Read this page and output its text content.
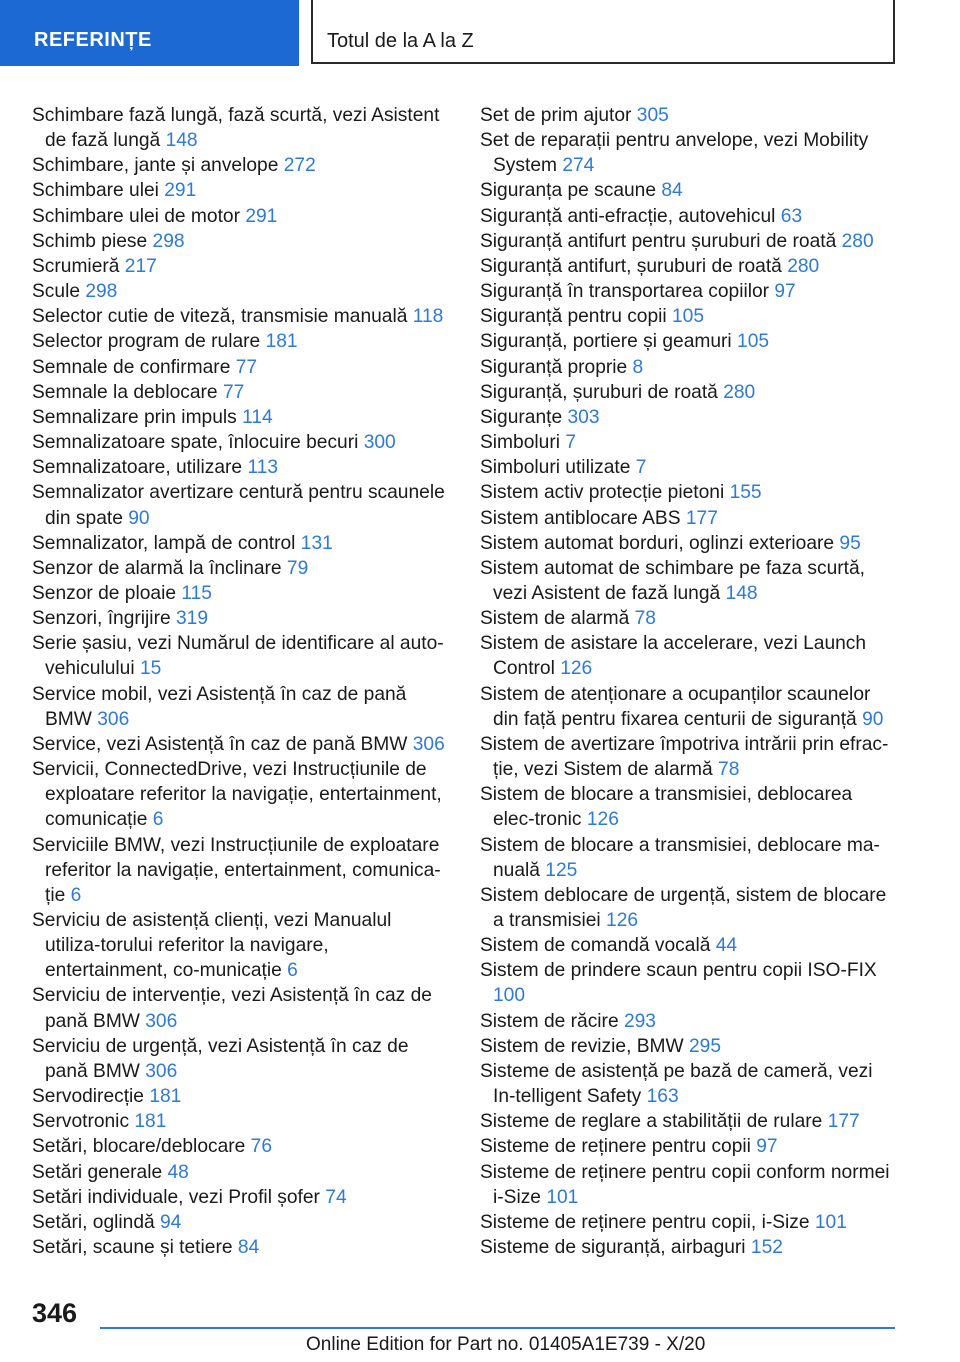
REFERINȚE	Totul de la A la Z
Schimbare fază lungă, fază scurtă, vezi Asistent de fază lungă 148
Schimbare, jante și anvelope 272
Schimbare ulei 291
Schimbare ulei de motor 291
Schimb piese 298
Scrumieră 217
Scule 298
Selector cutie de viteză, transmisie manuală 118
Selector program de rulare 181
Semnale de confirmare 77
Semnale la deblocare 77
Semnalizare prin impuls 114
Semnalizatoare spate, înlocuire becuri 300
Semnalizatoare, utilizare 113
Semnalizator avertizare centură pentru scaunele din spate 90
Semnalizator, lampă de control 131
Senzor de alarmă la înclinare 79
Senzor de ploaie 115
Senzori, îngrijire 319
Serie șasiu, vezi Numărul de identificare al auto-vehiculului 15
Service mobil, vezi Asistență în caz de pană BMW 306
Service, vezi Asistență în caz de pană BMW 306
Servicii, ConnectedDrive, vezi Instrucțiunile de exploatare referitor la navigație, entertainment, comunicație 6
Serviciile BMW, vezi Instrucțiunile de exploatare referitor la navigație, entertainment, comunica-ție 6
Serviciu de asistență clienți, vezi Manualul utiliza-torului referitor la navigare, entertainment, co-municație 6
Serviciu de intervenție, vezi Asistență în caz de pană BMW 306
Serviciu de urgență, vezi Asistență în caz de pană BMW 306
Servodirecție 181
Servotronic 181
Setări, blocare/deblocare 76
Setări generale 48
Setări individuale, vezi Profil șofer 74
Setări, oglindă 94
Setări, scaune și tetiere 84
Set de prim ajutor 305
Set de reparații pentru anvelope, vezi Mobility System 274
Siguranța pe scaune 84
Siguranță anti-efracție, autovehicul 63
Siguranță antifurt pentru șuruburi de roată 280
Siguranță antifurt, șuruburi de roată 280
Siguranță în transportarea copiilor 97
Siguranță pentru copii 105
Siguranță, portiere și geamuri 105
Siguranță proprie 8
Siguranță, șuruburi de roată 280
Siguranțe 303
Simboluri 7
Simboluri utilizate 7
Sistem activ protecție pietoni 155
Sistem antiblocare ABS 177
Sistem automat borduri, oglinzi exterioare 95
Sistem automat de schimbare pe faza scurtă, vezi Asistent de fază lungă 148
Sistem de alarmă 78
Sistem de asistare la accelerare, vezi Launch Control 126
Sistem de atenționare a ocupanților scaunelor din față pentru fixarea centurii de siguranță 90
Sistem de avertizare împotriva intrării prin efrac-ție, vezi Sistem de alarmă 78
Sistem de blocare a transmisiei, deblocarea elec-tronic 126
Sistem de blocare a transmisiei, deblocare ma-nuală 125
Sistem deblocare de urgență, sistem de blocare a transmisiei 126
Sistem de comandă vocală 44
Sistem de prindere scaun pentru copii ISO-FIX 100
Sistem de răcire 293
Sistem de revizie, BMW 295
Sisteme de asistență pe bază de cameră, vezi In-telligent Safety 163
Sisteme de reglare a stabilității de rulare 177
Sisteme de reținere pentru copii 97
Sisteme de reținere pentru copii conform normei i-Size 101
Sisteme de reținere pentru copii, i-Size 101
Sisteme de siguranță, airbaguri 152
346
Online Edition for Part no. 01405A1E739 - X/20
